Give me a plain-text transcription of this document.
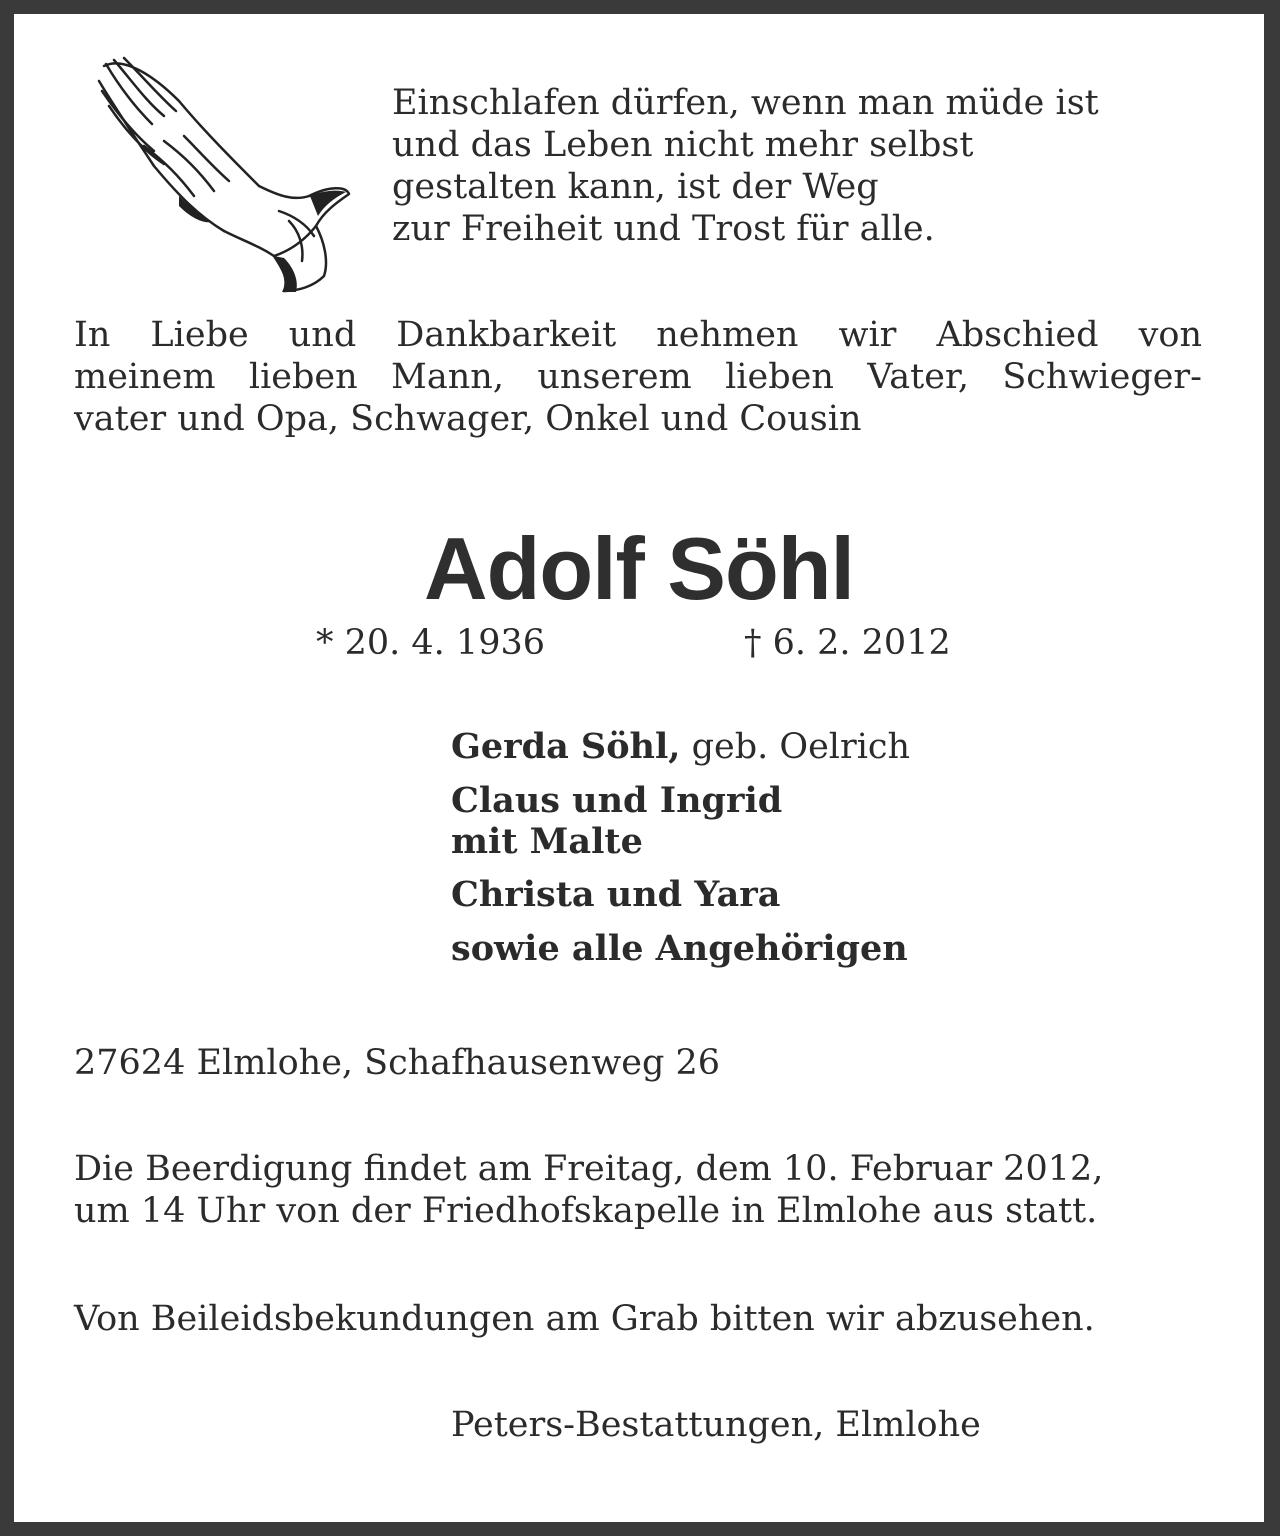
Einschlafen dürfen, wenn man müde ist
und das Leben nicht mehr selbst
gestalten kann, ist der Weg
zur Freiheit und Trost für alle.
In Liebe und Dankbarkeit nehmen wir Abschied von
meinem lieben Mann, unserem lieben Vater, Schwieger-
vater und Opa, Schwager, Onkel und Cousin
Adolf Söhl
* 20. 4. 1936	† 6. 2. 2012
Gerda Söhl, geb. Oelrich
Claus und Ingrid
mit Malte
Christa und Yara
sowie alle Angehörigen
27624 Elmlohe, Schafhausenweg 26
Die Beerdigung findet am Freitag, dem 10. Februar 2012,
um 14 Uhr von der Friedhofskapelle in Elmlohe aus statt.
Von Beileidsbekundungen am Grab bitten wir abzusehen.
Peters-Bestattungen, Elmlohe
